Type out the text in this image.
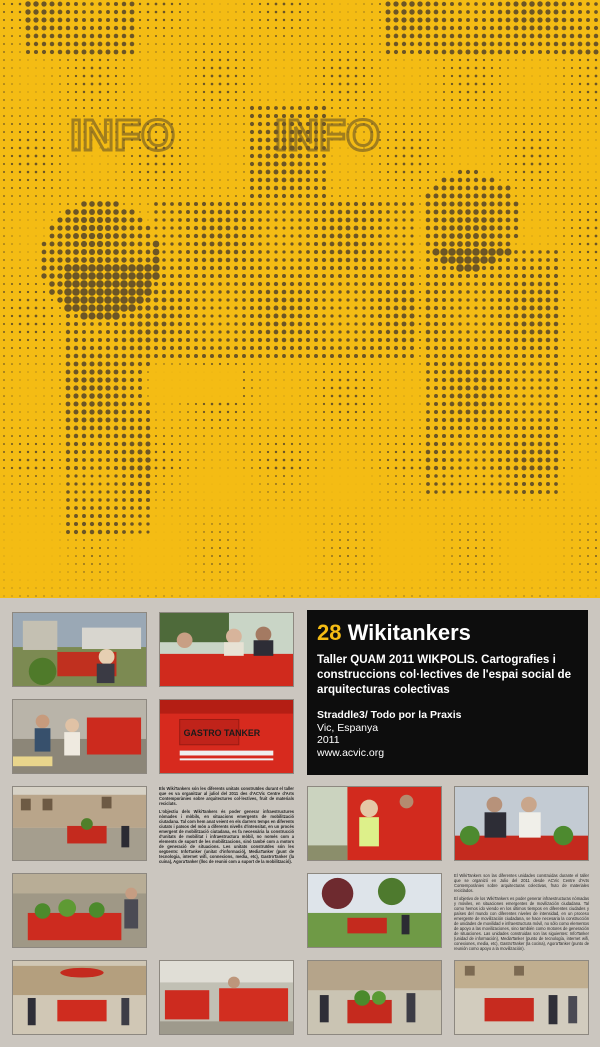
INFO INFO
GASTRO TANKER
28 Wikitankers
Taller QUAM 2011 WIKPOLIS. Cartografies i construccions col·lectives de l'espai social de arquitecturas colectivas
Straddle3/ Todo por la Praxis
Vic, Espanya
2011
www.acvic.org

Els WikiTankers són les diferents unitats construïdes durant el taller que es va organitzar al juliol del 2011 des d'ACVic Centre d'Arts Contemporànies sobre arquitectures col·lectives, fruit de materials reciclats.

L'objectiu dels WikiTankers és poder generar infraestructures nòmades i mòbils, en situacions emergents de mobilització ciutadana. Tal com hem anat veient en els darrers temps en diferents ciutats i països del món a diferents nivells d'intensitat, en un procés emergent de mobilització ciutadana, es fa necessària la construcció d'unitats de mobilitat i infraestructura mòbil, no només com a elements de suport de les mobilitzacions, sinó també com a motors de generació de situacions. Les unitats construïdes són les següents: InfoTanker (unitat d'informació), MediaTanker (punt de tecnologia, internet wifi, connexions, media, etc), GastroTanker (la cuina), AgoraTanker (lloc de reunió com a suport de la mobilització).

El WikiTankers son las diferentes unidades construidas durante el taller que se organizó en Julio del 2011 desde ACVic Centre d'Arts Contemporànies sobre arquitecturas colectivas, fruto de materiales reciclados.

El objetivo de los WikiTankers es poder generar infraestructuras nómadas y móviles, en situaciones emergentes de movilización ciudadana. Tal como hemos ido viendo en los últimos tiempos en diferentes ciudades y países del mundo con diferentes niveles de intensidad, en un proceso emergente de movilización ciudadana, se hace necesaria la construcción de unidades de movilidad e infraestructura móvil, no sólo como elementos de apoyo a las movilizaciones, sino también como motores de generación de situaciones. Las unidades construidas son las siguientes: InfoTanker (unidad de información), MediaTanker (punto de tecnología, internet wifi, conexiones, media, etc), GastroTanker (la cocina), AgoraTanker (punto de reunión como apoyo a la movilización).
